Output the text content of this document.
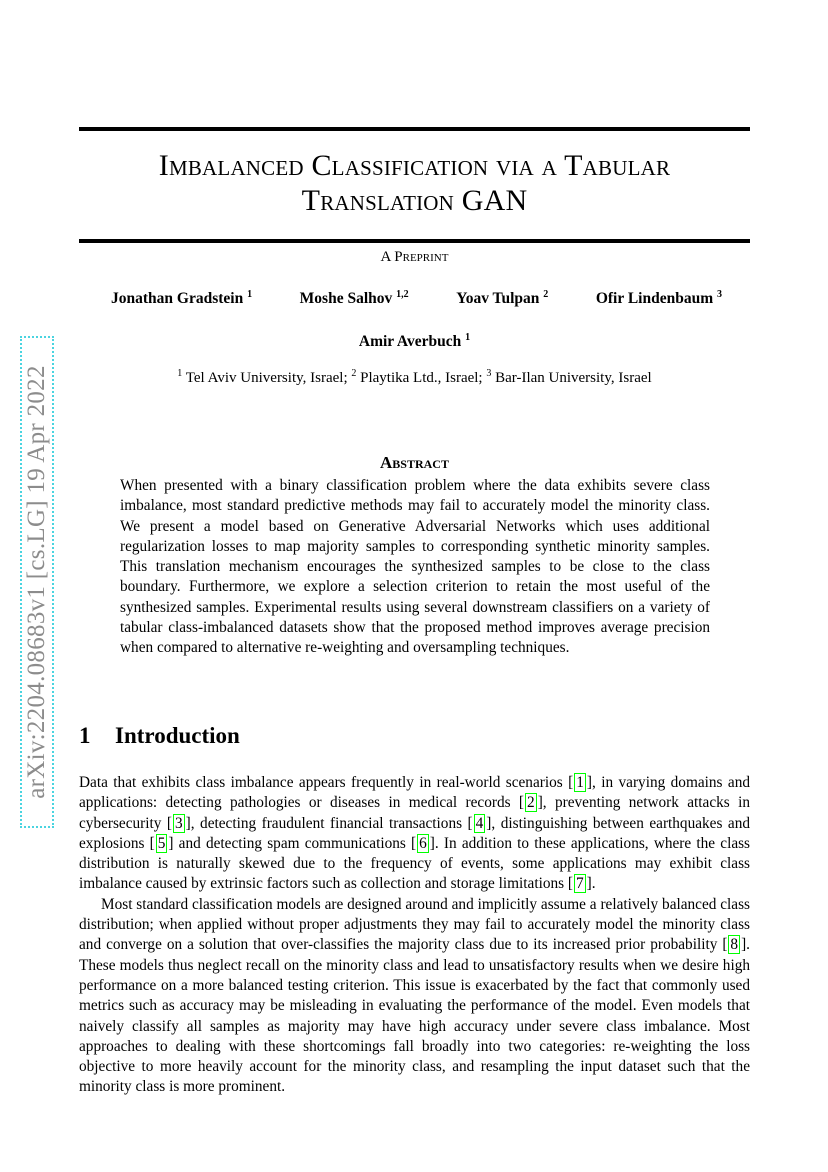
Imbalanced Classification via a Tabular
Translation GAN
A Preprint
Jonathan Gradstein $^1$	Moshe Salhov $^{1,2}$	Yoav Tulpan $^2$	Ofir Lindenbaum $^3$
Amir Averbuch $^1$
$^1$ Tel Aviv University, Israel; $^2$ Playtika Ltd., Israel; $^3$ Bar-Ilan University, Israel
Abstract
When presented with a binary classification problem where the data exhibits severe class imbalance, most standard predictive methods may fail to accurately model the minority class. We present a model based on Generative Adversarial Networks which uses additional regularization losses to map majority samples to corresponding synthetic minority samples. This translation mechanism encourages the synthesized samples to be close to the class boundary. Furthermore, we explore a selection criterion to retain the most useful of the synthesized samples. Experimental results using several downstream classifiers on a variety of tabular class-imbalanced datasets show that the proposed method improves average precision when compared to alternative re-weighting and oversampling techniques.
1 Introduction

Data that exhibits class imbalance appears frequently in real-world scenarios [ 1 ], in varying domains and applications: detecting pathologies or diseases in medical records [ 2 ], preventing network attacks in cybersecurity [ 3 ], detecting fraudulent financial transactions [ 4 ], distinguishing between earthquakes and explosions [ 5 ] and detecting spam communications [ 6 ]. In addition to these applications, where the class distribution is naturally skewed due to the frequency of events, some applications may exhibit class imbalance caused by extrinsic factors such as collection and storage limitations [ 7 ].

Most standard classification models are designed around and implicitly assume a relatively balanced class distribution; when applied without proper adjustments they may fail to accurately model the minority class and converge on a solution that over-classifies the majority class due to its increased prior probability [ 8 ]. These models thus neglect recall on the minority class and lead to unsatisfactory results when we desire high performance on a more balanced testing criterion. This issue is exacerbated by the fact that commonly used metrics such as accuracy may be misleading in evaluating the performance of the model. Even models that naively classify all samples as majority may have high accuracy under severe class imbalance. Most approaches to dealing with these shortcomings fall broadly into two categories: re-weighting the loss objective to more heavily account for the minority class, and resampling the input dataset such that the minority class is more prominent.

arXiv:2204.08683v1 [cs.LG] 19 Apr 2022
